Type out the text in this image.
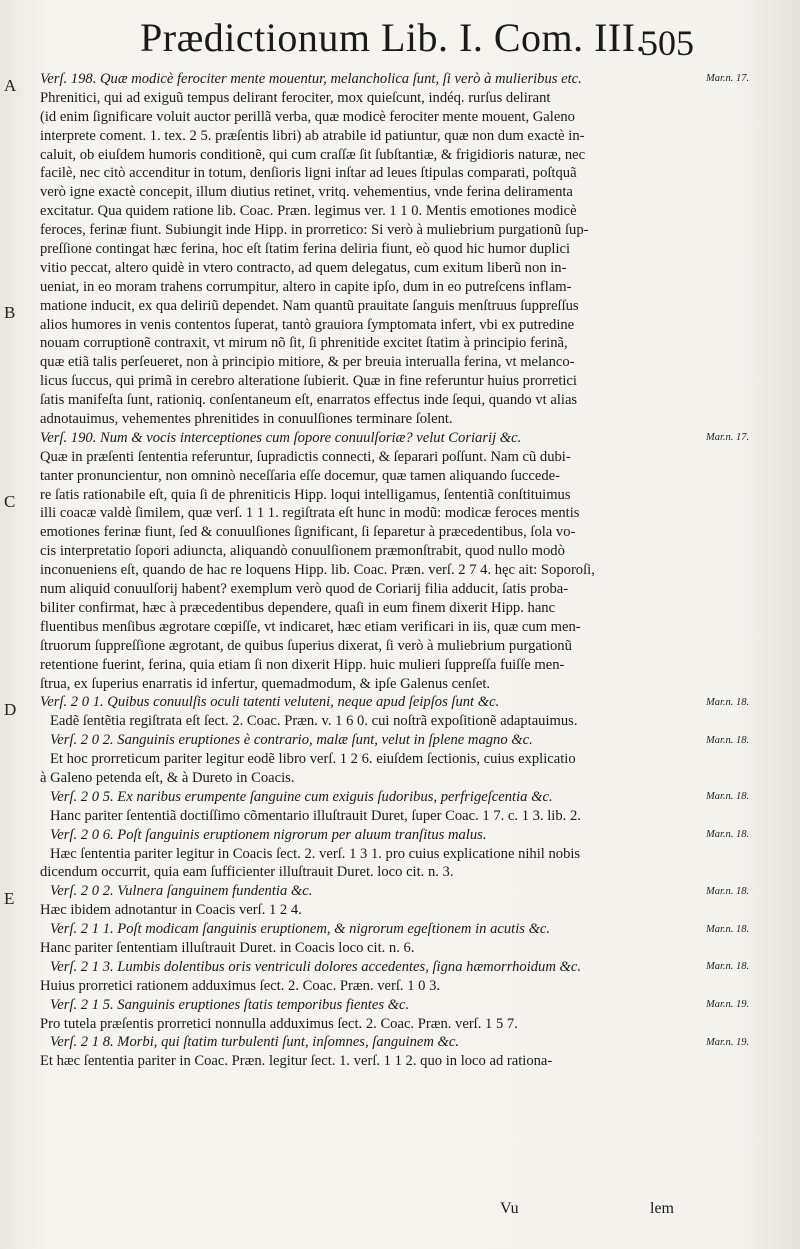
Prædictionum Lib. I. Com. III.
505
Verſ. 198. Quæ modicè ferociter mente mouentur, melancholica ſunt, ſi verò à mulieribus etc.
Phrenitici, qui ad exiguũ tempus delirant ferociter, mox quieſcunt, indéq. rurſus delirant
(id enim ſignificare voluit auctor perillã verba, quæ modicè ferociter mente mouent, Galeno
interprete coment. 1. tex. 2 5. præſentis libri) ab atrabile id patiuntur, quæ non dum exactè in-
caluit, ob eiuſdem humoris conditionẽ, qui cum craſſæ ſit ſubſtantiæ, & frigidioris naturæ, nec
facilè, nec citò accenditur in totum, denſioris ligni inſtar ad leues ſtipulas comparati, poſtquã
verò igne exactè concepit, illum diutius retinet, vritq. vehementius, vnde ferina deliramenta
excitatur. Qua quidem ratione lib. Coac. Præn. legimus ver. 1 1 0. Mentis emotiones modicè
feroces, ferinæ fiunt. Subiungit inde Hipp. in prorretico: Si verò à muliebrium purgationũ ſup-
preſſione contingat hæc ferina, hoc eſt ſtatim ferina deliria fiunt, eò quod hic humor duplici
vitio peccat, altero quidè in vtero contracto, ad quem delegatus, cum exitum liberũ non in-
ueniat, in eo moram trahens corrumpitur, altero in capite ipſo, dum in eo putreſcens inflam-
matione inducit, ex qua deliriũ dependet. Nam quantũ prauitate ſanguis menſtruus ſuppreſſus
alios humores in venis contentos ſuperat, tantò grauiora ſymptomata infert, vbi ex putredine
nouam corruptionẽ contraxit, vt mirum nõ ſit, ſi phrenitide excitet ſtatim à principio ferinã,
quæ etiã talis perſeueret, non à principio mitiore, & per breuia interualla ferina, vt melanco-
licus ſuccus, qui primã in cerebro alteratione ſubierit. Quæ in fine referuntur huius prorretici
ſatis manifeſta ſunt, rationiq. conſentaneum eſt, enarratos effectus inde ſequi, quando vt alias
adnotauimus, vehementes phrenitides in conuulſiones terminare ſolent.
Verſ. 190. Num & vocis interceptiones cum ſopore conuulſoriæ? velut Coriarij &c.
Quæ in præſenti ſententia referuntur, ſupradictis connecti, & ſeparari poſſunt. Nam cũ dubi-
tanter pronuncientur, non omninò neceſſaria eſſe docemur, quæ tamen aliquando ſuccede-
re ſatis rationabile eſt, quia ſi de phreniticis Hipp. loqui intelligamus, ſententiã conſtituimus
illi coacæ valdè ſimilem, quæ verſ. 1 1 1. regiſtrata eſt hunc in modũ: modicæ feroces mentis
emotiones ferinæ fiunt, ſed & conuulſiones ſignificant, ſi ſeparetur à præcedentibus, ſola vo-
cis interpretatio ſopori adiuncta, aliquandò conuulſionem præmonſtrabit, quod nullo modò
inconueniens eſt, quando de hac re loquens Hipp. lib. Coac. Præn. verſ. 2 7 4. hęc ait: Soporoſi,
num aliquid conuulſorij habent? exemplum verò quod de Coriarij filia adducit, ſatis proba-
biliter confirmat, hæc à præcedentibus dependere, quaſi in eum finem dixerit Hipp. hanc
fluentibus menſibus ægrotare cœpiſſe, vt indicaret, hæc etiam verificari in iis, quæ cum men-
ſtruorum ſuppreſſione ægrotant, de quibus ſuperius dixerat, ſi verò à muliebrium purgationũ
retentione fuerint, ferina, quia etiam ſi non dixerit Hipp. huic mulieri ſuppreſſa fuiſſe men-
ſtrua, ex ſuperius enarratis id infertur, quemadmodum, & ipſe Galenus cenſet.
Verſ. 2 0 1. Quibus conuulſis oculi tatenti veluteni, neque apud ſeipſos ſunt &c.
Eadẽ ſentẽtia regiſtrata eſt ſect. 2. Coac. Præn. v. 1 6 0. cui noſtrã expoſitionẽ adaptauimus.
Verſ. 2 0 2. Sanguinis eruptiones è contrario, malæ ſunt, velut in ſplene magno &c.
Et hoc prorreticum pariter legitur eodẽ libro verſ. 1 2 6. eiuſdem ſectionis, cuius explicatio
à Galeno petenda eſt, & à Dureto in Coacis.
Verſ. 2 0 5. Ex naribus erumpente ſanguine cum exiguis ſudoribus, perfrigeſcentia &c.
Hanc pariter ſententiã doctiſſimo cõmentario illuſtrauit Duret, ſuper Coac. 1 7. c. 1 3. lib. 2.
Verſ. 2 0 6. Poſt ſanguinis eruptionem nigrorum per aluum tranſitus malus.
Hæc ſententia pariter legitur in Coacis ſect. 2. verſ. 1 3 1. pro cuius explicatione nihil nobis
dicendum occurrit, quia eam ſufficienter illuſtrauit Duret. loco cit. n. 3.
Verſ. 2 0 2. Vulnera ſanguinem fundentia &c.
Hæc ibidem adnotantur in Coacis verſ. 1 2 4.
Verſ. 2 1 1. Poſt modicam ſanguinis eruptionem, & nigrorum egeſtionem in acutis &c.
Hanc pariter ſententiam illuſtrauit Duret. in Coacis loco cit. n. 6.
Verſ. 2 1 3. Lumbis dolentibus oris ventriculi dolores accedentes, ſigna hæmorrhoidum &c.
Huius prorretici rationem adduximus ſect. 2. Coac. Præn. verſ. 1 0 3.
Verſ. 2 1 5. Sanguinis eruptiones ſtatis temporibus fientes &c.
Pro tutela præſentis prorretici nonnulla adduximus ſect. 2. Coac. Præn. verſ. 1 5 7.
Verſ. 2 1 8. Morbi, qui ſtatim turbulenti ſunt, inſomnes, ſanguinem &c.
Et hæc ſententia pariter in Coac. Præn. legitur ſect. 1. verſ. 1 1 2. quo in loco ad rationa-
Mar.n. 17.
Mar.n. 17.
Mar.n. 18.
Mar.n. 18.
Mar.n. 18.
Mar.n. 18.
Mar.n. 18.
Mar.n. 18.
Mar.n. 18.
Mar.n. 19.
Mar.n. 19.
A
B
C
D
E
Vu	lem
